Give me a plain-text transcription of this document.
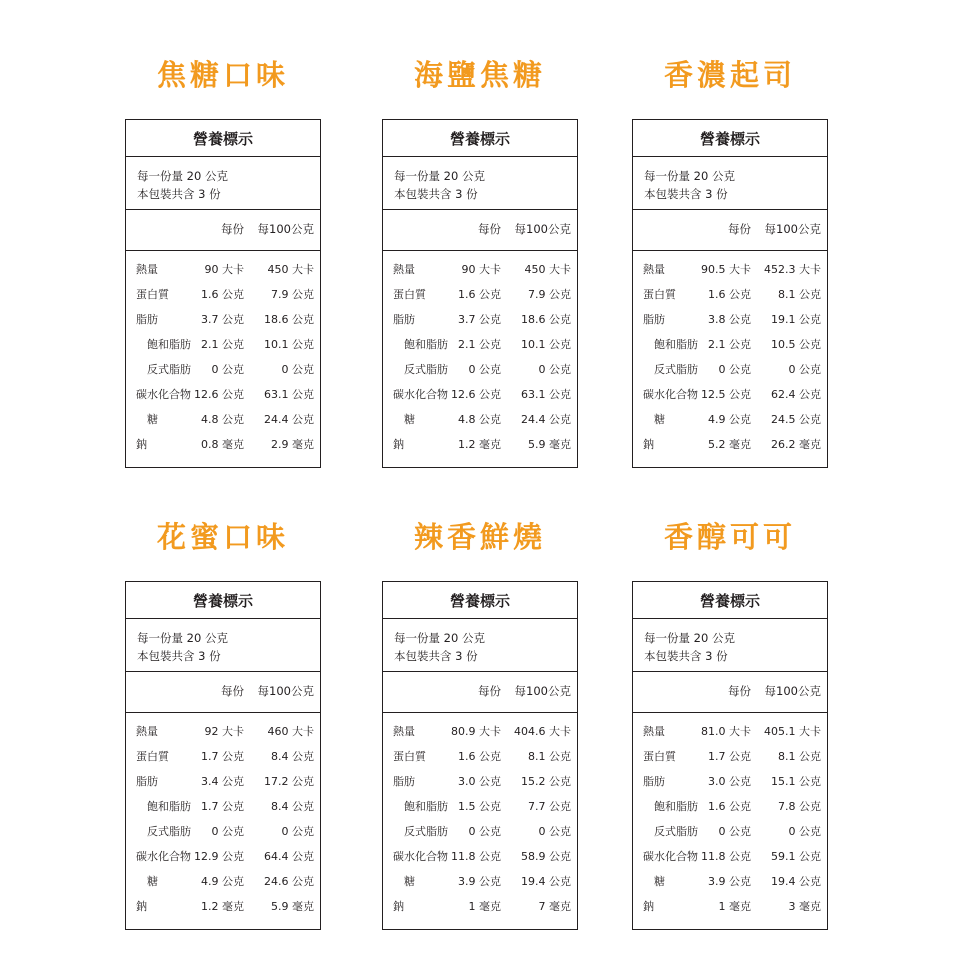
焦糖口味
營養標示
每一份量 20 公克
本包裝共含 3 份
每份 每100公克
熱量	90 大卡 450 大卡
蛋白質	1.6 公克 7.9 公克
脂肪	3.7 公克 18.6 公克
飽和脂肪 2.1 公克 10.1 公克
反式脂肪 0 公克	0 公克
碳水化合物 12.6 公克 63.1 公克
糖	4.8 公克 24.4 公克
鈉	0.8 毫克 2.9 毫克
海鹽焦糖
營養標示
每一份量 20 公克
本包裝共含 3 份
每份 每100公克
熱量	90 大卡 450 大卡
蛋白質	1.6 公克 7.9 公克
脂肪	3.7 公克 18.6 公克
飽和脂肪 2.1 公克 10.1 公克
反式脂肪 0 公克	0 公克
碳水化合物 12.6 公克 63.1 公克
糖	4.8 公克 24.4 公克
鈉	1.2 毫克 5.9 毫克
香濃起司
營養標示
每一份量 20 公克
本包裝共含 3 份
每份 每100公克
熱量	90.5 大卡 452.3 大卡
蛋白質	1.6 公克 8.1 公克
脂肪	3.8 公克 19.1 公克
飽和脂肪 2.1 公克 10.5 公克
反式脂肪 0 公克	0 公克
碳水化合物 12.5 公克 62.4 公克
糖	4.9 公克 24.5 公克
鈉	5.2 毫克 26.2 毫克
花蜜口味
營養標示
每一份量 20 公克
本包裝共含 3 份
每份 每100公克
熱量	92 大卡 460 大卡
蛋白質	1.7 公克 8.4 公克
脂肪	3.4 公克 17.2 公克
飽和脂肪 1.7 公克 8.4 公克
反式脂肪 0 公克	0 公克
碳水化合物 12.9 公克 64.4 公克
糖	4.9 公克 24.6 公克
鈉	1.2 毫克 5.9 毫克
辣香鮮燒
營養標示
每一份量 20 公克
本包裝共含 3 份
每份 每100公克
熱量	80.9 大卡 404.6 大卡
蛋白質	1.6 公克 8.1 公克
脂肪	3.0 公克 15.2 公克
飽和脂肪 1.5 公克 7.7 公克
反式脂肪 0 公克	0 公克
碳水化合物 11.8 公克 58.9 公克
糖	3.9 公克 19.4 公克
鈉	1 毫克	7 毫克
香醇可可
營養標示
每一份量 20 公克
本包裝共含 3 份
每份 每100公克
熱量	81.0 大卡 405.1 大卡
蛋白質	1.7 公克 8.1 公克
脂肪	3.0 公克 15.1 公克
飽和脂肪 1.6 公克 7.8 公克
反式脂肪 0 公克	0 公克
碳水化合物 11.8 公克 59.1 公克
糖	3.9 公克 19.4 公克
鈉	1 毫克	3 毫克
